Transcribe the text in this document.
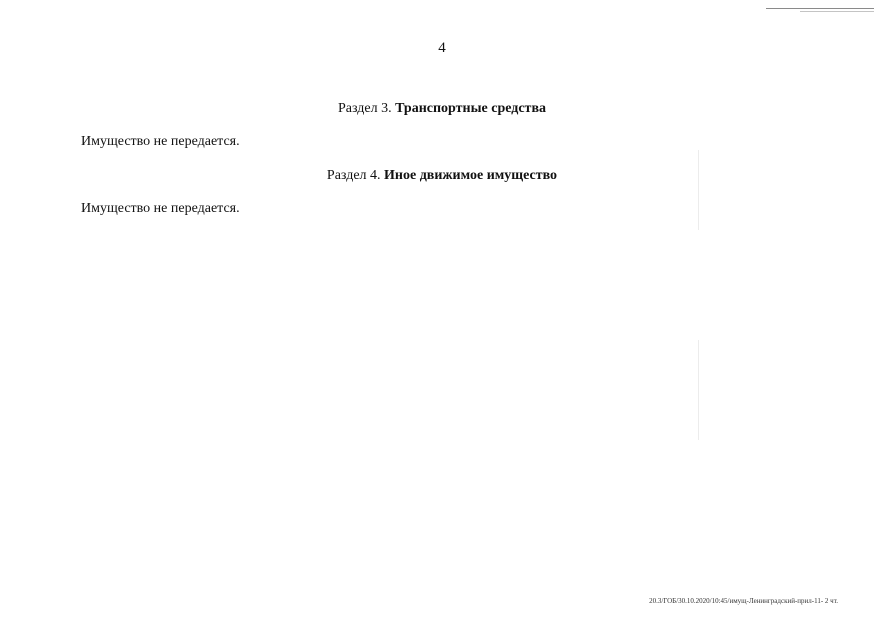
4
Раздел 3. Транспортные средства
Имущество не передается.
Раздел 4. Иное движимое имущество
Имущество не передается.
20.3/ГОБ/30.10.2020/10:45/имущ-Ленинградский-прил-11- 2 чт.
